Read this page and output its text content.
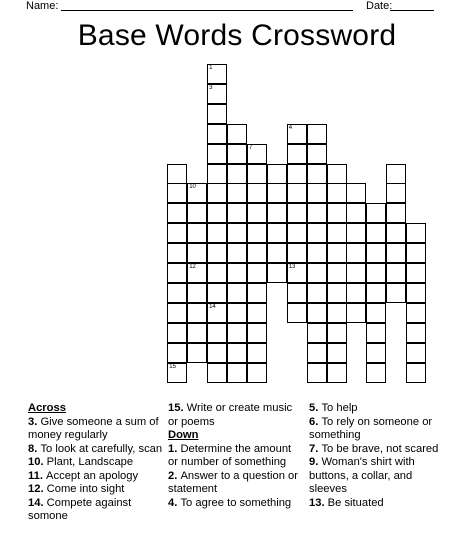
Name:	Date:
Base Words Crossword
1
3
10
12
15
14
7
4
13
Across
3. Give someone a sum of money regularly
8. To look at carefully, scan
10. Plant, Landscape
11. Accept an apology
12. Come into sight
14. Compete against somone
15. Write or create music or poems
Down
1. Determine the amount or number of something
2. Answer to a question or statement
4. To agree to something
5. To help
6. To rely on someone or something
7. To be brave, not scared
9. Woman's shirt with buttons, a collar, and sleeves
13. Be situated
